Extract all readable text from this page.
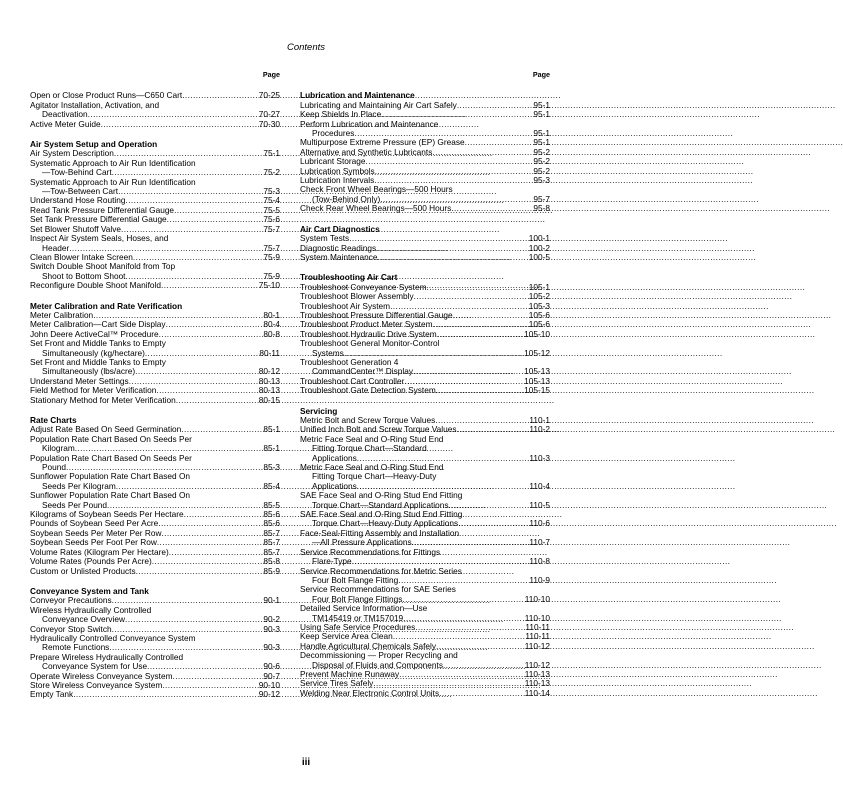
Contents
Page
Open or Close Product Runs—C650 Cart .....	70-25
Agitator Installation, Activation, and
Deactivation .....	70-27
Active Meter Guide .....	70-30
Air System Setup and Operation
Air System Description .....	75-1
Systematic Approach to Air Run Identification
—Tow-Behind Cart .....	75-2
Systematic Approach to Air Run Identification
—Tow-Between Cart .....	75-3
Understand Hose Routing .....	75-4
Read Tank Pressure Differential Gauge .....	75-5
Set Tank Pressure Differential Gauge .....	75-6
Set Blower Shutoff Valve .....	75-7
Inspect Air System Seals, Hoses, and
Header .....	75-7
Clean Blower Intake Screen .....	75-9
Switch Double Shoot Manifold from Top
Shoot to Bottom Shoot .....	75-9
Reconfigure Double Shoot Manifold .....	75-10
Meter Calibration and Rate Verification
Meter Calibration .....	80-1
Meter Calibration—Cart Side Display .....	80-4
John Deere ActiveCal™ Procedure .....	80-8
Set Front and Middle Tanks to Empty
Simultaneously (kg/hectare) .....	80-11
Set Front and Middle Tanks to Empty
Simultaneously (lbs/acre) .....	80-12
Understand Meter Settings .....	80-13
Field Method for Meter Verification .....	80-13
Stationary Method for Meter Verification .....	80-15
Rate Charts
Adjust Rate Based On Seed Germination .....	85-1
Population Rate Chart Based On Seeds Per
Kilogram .....	85-1
Population Rate Chart Based On Seeds Per
Pound .....	85-3
Sunflower Population Rate Chart Based On
Seeds Per Kilogram .....	85-4
Sunflower Population Rate Chart Based On
Seeds Per Pound .....	85-5
Kilograms of Soybean Seeds Per Hectare .....	85-6
Pounds of Soybean Seed Per Acre .....	85-6
Soybean Seeds Per Meter Per Row .....	85-7
Soybean Seeds Per Foot Per Row .....	85-7
Volume Rates (Kilogram Per Hectare) .....	85-7
Volume Rates (Pounds Per Acre) .....	85-8
Custom or Unlisted Products .....	85-9
Conveyance System and Tank
Conveyor Precautions .....	90-1
Wireless Hydraulically Controlled
Conveyance Overview .....	90-2
Conveyor Stop Switch .....	90-3
Hydraulically Controlled Conveyance System
Remote Functions .....	90-3
Prepare Wireless Hydraulically Controlled
Conveyance System for Use .....	90-6
Operate Wireless Conveyance System .....	90-7
Store Wireless Conveyance System .....	90-10
Empty Tank .....	90-12
Page
Lubrication and Maintenance
Lubricating and Maintaining Air Cart Safely .....	95-1
Keep Shields In Place .....	95-1
Perform Lubrication and Maintenance
Procedures .....	95-1
Multipurpose Extreme Pressure (EP) Grease .....	95-1
Alternative and Synthetic Lubricants .....	95-2
Lubricant Storage .....	95-2
Lubrication Symbols .....	95-2
Lubrication Intervals .....	95-3
Check Front Wheel Bearings—500 Hours
(Tow-Behind Only) .....	95-7
Check Rear Wheel Bearings—500 Hours .....	95-8
Air Cart Diagnostics
System Tests .....	100-1
Diagnostic Readings .....	100-2
System Maintenance .....	100-5
Troubleshooting Air Cart
Troubleshoot Conveyance System .....	105-1
Troubleshoot Blower Assembly .....	105-2
Troubleshoot Air System .....	105-3
Troubleshoot Pressure Differential Gauge .....	105-6
Troubleshoot Product Meter System .....	105-6
Troubleshoot Hydraulic Drive System .....	105-10
Troubleshoot General Monitor-Control
Systems .....	105-12
Troubleshoot Generation 4
CommandCenter™ Display .....	105-13
Troubleshoot Cart Controller .....	105-13
Troubleshoot Gate Detection System .....	105-15
Servicing
Metric Bolt and Screw Torque Values .....	110-1
Unified Inch Bolt and Screw Torque Values .....	110-2
Metric Face Seal and O-Ring Stud End
Fitting Torque Chart—Standard
Applications .....	110-3
Metric Face Seal and O-Ring Stud End
Fitting Torque Chart—Heavy-Duty
Applications .....	110-4
SAE Face Seal and O-Ring Stud End Fitting
Torque Chart—Standard Applications .....	110-5
SAE Face Seal and O-Ring Stud End Fitting
Torque Chart—Heavy-Duty Applications .....	110-6
Face-Seal-Fitting Assembly and Installation
—All Pressure Applications .....	110-7
Service Recommendations for Fittings
Flare-Type .....	110-8
Service Recommendations for Metric Series
Four Bolt Flange Fitting .....	110-9
Service Recommendations for SAE Series
Four Bolt Flange Fittings .....	110-10
Detailed Service Information—Use
TM145419 or TM157019 .....	110-10
Using Safe Service Procedures .....	110-11
Keep Service Area Clean .....	110-11
Handle Agricultural Chemicals Safely .....	110-12
Decommissioning — Proper Recycling and
Disposal of Fluids and Components .....	110-12
Prevent Machine Runaway .....	110-13
Service Tires Safely .....	110-13
Welding Near Electronic Control Units .....	110-14
iii
